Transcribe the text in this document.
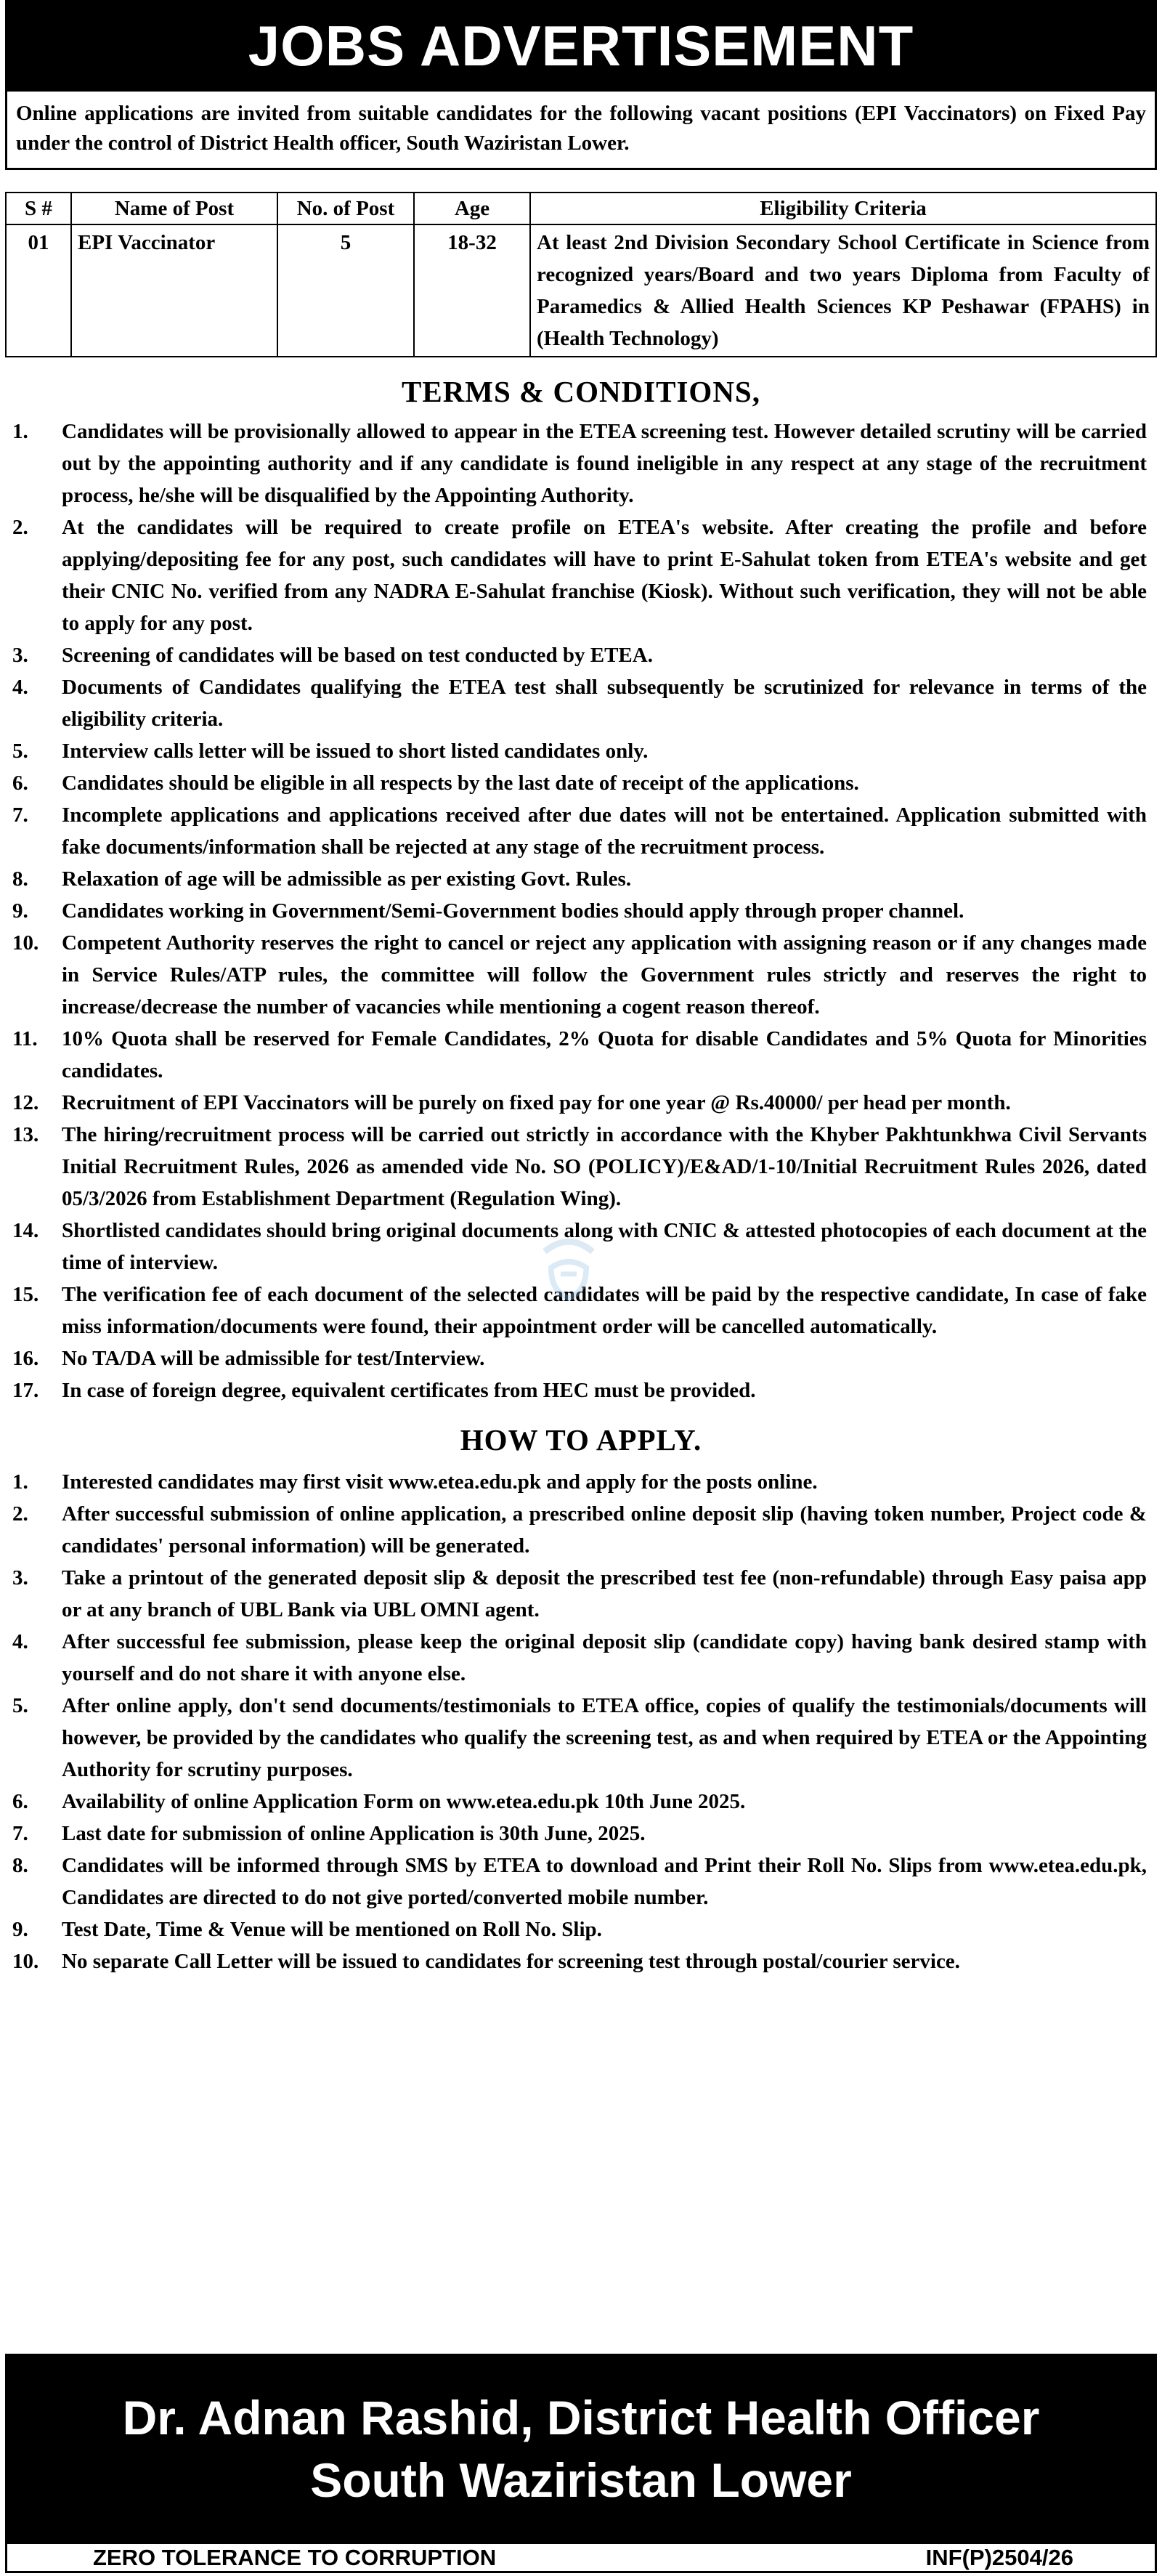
JOBS ADVERTISEMENT
Online applications are invited from suitable candidates for the following vacant positions (EPI Vaccinators) on Fixed Pay under the control of District Health officer, South Waziristan Lower.
S #	Name of Post	No. of Post	Age	Eligibility Criteria
01	EPI Vaccinator	5	18-32	At least 2nd Division Secondary School Certificate in Science from recognized years/Board and two years Diploma from Faculty of Paramedics & Allied Health Sciences KP Peshawar (FPAHS) in (Health Technology)
TERMS & CONDITIONS,
1.	Candidates will be provisionally allowed to appear in the ETEA screening test. However detailed scrutiny will be carried out by the appointing authority and if any candidate is found ineligible in any respect at any stage of the recruitment process, he/she will be disqualified by the Appointing Authority.
2.	At the candidates will be required to create profile on ETEA's website. After creating the profile and before applying/depositing fee for any post, such candidates will have to print E-Sahulat token from ETEA's website and get their CNIC No. verified from any NADRA E-Sahulat franchise (Kiosk). Without such verification, they will not be able to apply for any post.
3.	Screening of candidates will be based on test conducted by ETEA.
4.	Documents of Candidates qualifying the ETEA test shall subsequently be scrutinized for relevance in terms of the eligibility criteria.
5.	Interview calls letter will be issued to short listed candidates only.
6.	Candidates should be eligible in all respects by the last date of receipt of the applications.
7.	Incomplete applications and applications received after due dates will not be entertained. Application submitted with fake documents/information shall be rejected at any stage of the recruitment process.
8.	Relaxation of age will be admissible as per existing Govt. Rules.
9.	Candidates working in Government/Semi-Government bodies should apply through proper channel.
10.	Competent Authority reserves the right to cancel or reject any application with assigning reason or if any changes made in Service Rules/ATP rules, the committee will follow the Government rules strictly and reserves the right to increase/decrease the number of vacancies while mentioning a cogent reason thereof.
11.	10% Quota shall be reserved for Female Candidates, 2% Quota for disable Candidates and 5% Quota for Minorities candidates.
12.	Recruitment of EPI Vaccinators will be purely on fixed pay for one year @ Rs.40000/ per head per month.
13.	The hiring/recruitment process will be carried out strictly in accordance with the Khyber Pakhtunkhwa Civil Servants Initial Recruitment Rules, 2026 as amended vide No. SO (POLICY)/E&AD/1-10/Initial Recruitment Rules 2026, dated 05/3/2026 from Establishment Department (Regulation Wing).
14.	Shortlisted candidates should bring original documents along with CNIC & attested photocopies of each document at the time of interview.
15.	The verification fee of each document of the selected candidates will be paid by the respective candidate, In case of fake miss information/documents were found, their appointment order will be cancelled automatically.
16.	No TA/DA will be admissible for test/Interview.
17.	In case of foreign degree, equivalent certificates from HEC must be provided.
HOW TO APPLY.
1.	Interested candidates may first visit www.etea.edu.pk and apply for the posts online.
2.	After successful submission of online application, a prescribed online deposit slip (having token number, Project code & candidates' personal information) will be generated.
3.	Take a printout of the generated deposit slip & deposit the prescribed test fee (non-refundable) through Easy paisa app or at any branch of UBL Bank via UBL OMNI agent.
4.	After successful fee submission, please keep the original deposit slip (candidate copy) having bank desired stamp with yourself and do not share it with anyone else.
5.	After online apply, don't send documents/testimonials to ETEA office, copies of qualify the testimonials/documents will however, be provided by the candidates who qualify the screening test, as and when required by ETEA or the Appointing Authority for scrutiny purposes.
6.	Availability of online Application Form on www.etea.edu.pk 10th June 2025.
7.	Last date for submission of online Application is 30th June, 2025.
8.	Candidates will be informed through SMS by ETEA to download and Print their Roll No. Slips from www.etea.edu.pk, Candidates are directed to do not give ported/converted mobile number.
9.	Test Date, Time & Venue will be mentioned on Roll No. Slip.
10.	No separate Call Letter will be issued to candidates for screening test through postal/courier service.
Dr. Adnan Rashid, District Health Officer
South Waziristan Lower
ZERO TOLERANCE TO CORRUPTION	INF(P)2504/26
